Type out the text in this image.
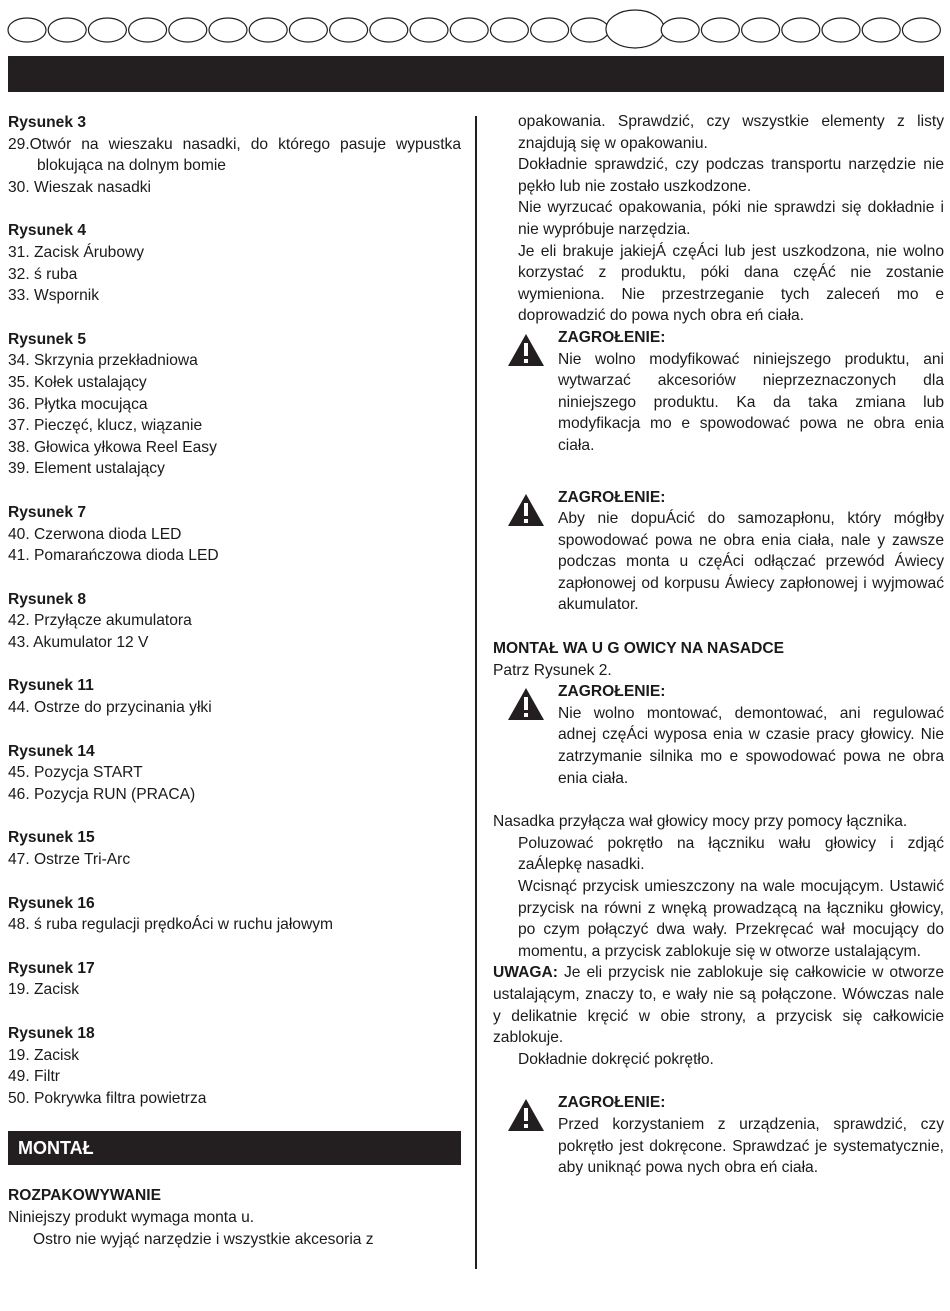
Rysunek 3

29.Otwór na wieszaku nasadki, do którego pasuje wypustka blokująca na dolnym bomie

30. Wieszak nasadki

Rysunek 4

31. Zacisk Árubowy

32. ś ruba

33. Wspornik

Rysunek 5

34. Skrzynia przekładniowa

35. Kołek ustalający

36. Płytka mocująca

37. Pieczęć, klucz, wiązanie

38. Głowica yłkowa Reel Easy

39. Element ustalający

Rysunek 7

40. Czerwona dioda LED

41. Pomarańczowa dioda LED

Rysunek 8

42. Przyłącze akumulatora

43. Akumulator 12 V

Rysunek 11

44. Ostrze do przycinania yłki

Rysunek 14

45. Pozycja START

46. Pozycja RUN (PRACA)

Rysunek 15

47. Ostrze Tri-Arc

Rysunek 16

48. ś ruba regulacji prędkoÁci w ruchu jałowym

Rysunek 17

19. Zacisk

Rysunek 18

19. Zacisk

49. Filtr

50. Pokrywka filtra powietrza

MONTAŁ

ROZPAKOWYWANIE

Niniejszy produkt wymaga monta u.

Ostro nie wyjąć narzędzie i wszystkie akcesoria z

opakowania. Sprawdzić, czy wszystkie elementy z listy znajdują się w opakowaniu.

Dokładnie sprawdzić, czy podczas transportu narzędzie nie pękło lub nie zostało uszkodzone.

Nie wyrzucać opakowania, póki nie sprawdzi się dokładnie i nie wypróbuje narzędzia.

Je eli brakuje jakiejÁ częÁci lub jest uszkodzona, nie wolno korzystać z produktu, póki dana częÁć nie zostanie wymieniona. Nie przestrzeganie tych zaleceń mo e doprowadzić do powa nych obra eń ciała.

ZAGROŁENIE:

Nie wolno modyfikować niniejszego produktu, ani wytwarzać akcesoriów nieprzeznaczonych dla niniejszego produktu. Ka da taka zmiana lub modyfikacja mo e spowodować powa ne obra enia ciała.

ZAGROŁENIE:

Aby nie dopuÁcić do samozapłonu, który mógłby spowodować powa ne obra enia ciała, nale y zawsze podczas monta u częÁci odłączać przewód Áwiecy zapłonowej od korpusu Áwiecy zapłonowej i wyjmować akumulator.

MONTAŁ WA U G OWICY NA NASADCE

Patrz Rysunek 2.

ZAGROŁENIE:

Nie wolno montować, demontować, ani regulować adnej częÁci wyposa enia w czasie pracy głowicy. Nie zatrzymanie silnika mo e spowodować powa ne obra enia ciała.

Nasadka przyłącza wał głowicy mocy przy pomocy łącznika.

Poluzować pokrętło na łączniku wału głowicy i zdjąć zaÁlepkę nasadki.

Wcisnąć przycisk umieszczony na wale mocującym. Ustawić przycisk na równi z wnęką prowadzącą na łączniku głowicy, po czym połączyć dwa wały. Przekręcać wał mocujący do momentu, a przycisk zablokuje się w otworze ustalającym.

UWAGA: Je eli przycisk nie zablokuje się całkowicie w otworze ustalającym, znaczy to, e wały nie są połączone. Wówczas nale y delikatnie kręcić w obie strony, a przycisk się całkowicie zablokuje.

Dokładnie dokręcić pokrętło.

ZAGROŁENIE:

Przed korzystaniem z urządzenia, sprawdzić, czy pokrętło jest dokręcone. Sprawdzać je systematycznie, aby uniknąć powa nych obra eń ciała.
